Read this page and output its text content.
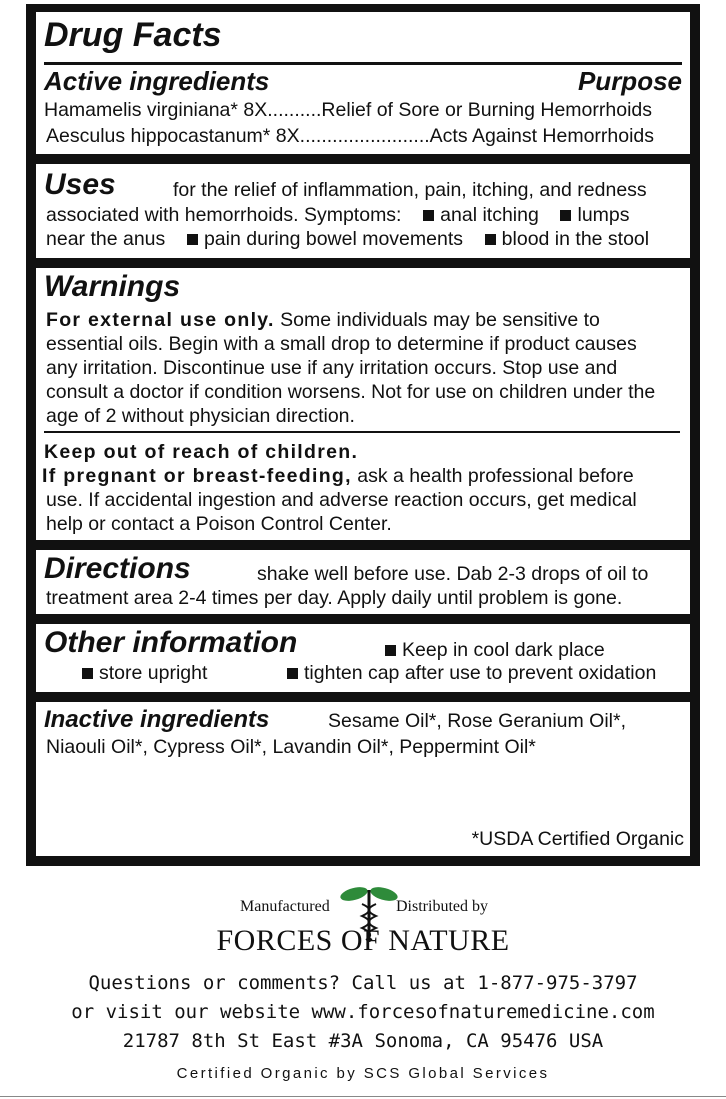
Drug Facts
Active ingredients	Purpose
Hamamelis virginiana* 8X..........Relief of Sore or Burning Hemorrhoids
Aesculus hippocastanum* 8X........................Acts Against Hemorrhoids
Uses	for the relief of inflammation, pain, itching, and redness
associated with hemorrhoids. Symptoms: anal itching lumps
near the anus pain during bowel movements blood in the stool
Warnings
For external use only. Some individuals may be sensitive to
essential oils. Begin with a small drop to determine if product causes
any irritation. Discontinue use if any irritation occurs. Stop use and
consult a doctor if condition worsens. Not for use on children under the
age of 2 without physician direction.
Keep out of reach of children.
If pregnant or breast-feeding, ask a health professional before
use. If accidental ingestion and adverse reaction occurs, get medical
help or contact a Poison Control Center.
Directions	shake well before use. Dab 2-3 drops of oil to
treatment area 2-4 times per day. Apply daily until problem is gone.
Other information	Keep in cool dark place
store upright	tighten cap after use to prevent oxidation
Inactive ingredients	Sesame Oil*, Rose Geranium Oil*,
Niaouli Oil*, Cypress Oil*, Lavandin Oil*, Peppermint Oil*
*USDA Certified Organic
Manufactured	Distributed by
FORCES OF NATURE
Questions or comments? Call us at 1-877-975-3797
or visit our website www.forcesofnaturemedicine.com
21787 8th St East #3A Sonoma, CA 95476 USA
Certified Organic by SCS Global Services
